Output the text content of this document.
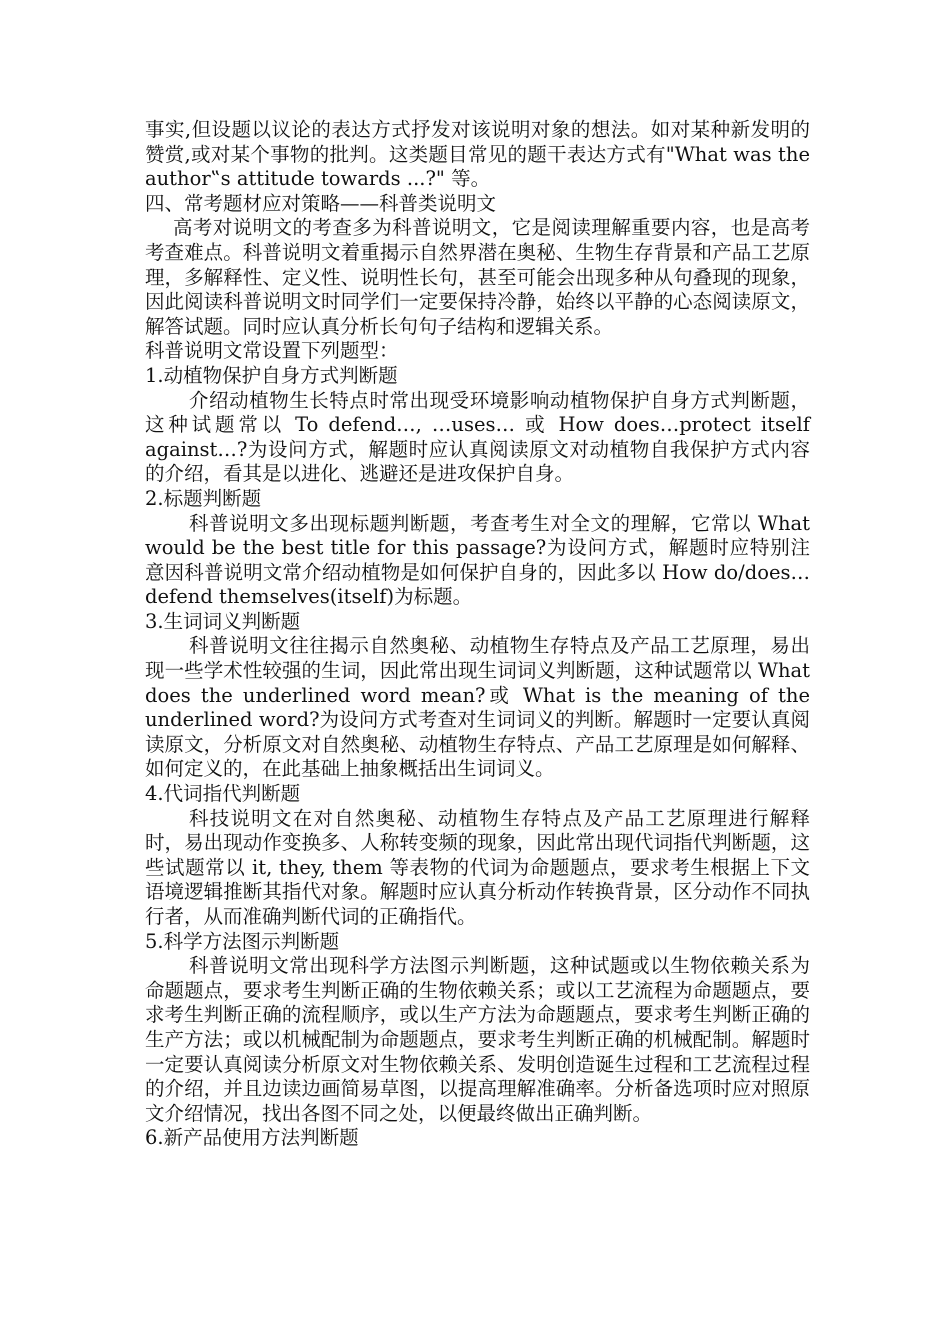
事实,但设题以议论的表达方式抒发对该说明对象的想法。如对某种新发明的赞赏,或对某个事物的批判。这类题目常见的题干表达方式有"What was the author‟s attitude towards ...?" 等。

四、常考题材应对策略——科普类说明文

高考对说明文的考查多为科普说明文，它是阅读理解重要内容，也是高考考查难点。科普说明文着重揭示自然界潜在奥秘、生物生存背景和产品工艺原理，多解释性、定义性、说明性长句，甚至可能会出现多种从句叠现的现象，因此阅读科普说明文时同学们一定要保持冷静，始终以平静的心态阅读原文，解答试题。同时应认真分析长句句子结构和逻辑关系。

科普说明文常设置下列题型：

1.动植物保护自身方式判断题

介绍动植物生长特点时常出现受环境影响动植物保护自身方式判断题，这种试题常以 To defend…, …uses… 或 How does…protect itself against…?为设问方式，解题时应认真阅读原文对动植物自我保护方式内容的介绍，看其是以进化、逃避还是进攻保护自身。

2.标题判断题

科普说明文多出现标题判断题，考查考生对全文的理解，它常以 What would be the best title for this passage?为设问方式，解题时应特别注意因科普说明文常介绍动植物是如何保护自身的，因此多以 How do/does…defend themselves(itself)为标题。

3.生词词义判断题

科普说明文往往揭示自然奥秘、动植物生存特点及产品工艺原理，易出现一些学术性较强的生词，因此常出现生词词义判断题，这种试题常以 What does the underlined word mean?或 What is the meaning of the underlined word?为设问方式考查对生词词义的判断。解题时一定要认真阅读原文，分析原文对自然奥秘、动植物生存特点、产品工艺原理是如何解释、如何定义的，在此基础上抽象概括出生词词义。

4.代词指代判断题

科技说明文在对自然奥秘、动植物生存特点及产品工艺原理进行解释时，易出现动作变换多、人称转变频的现象，因此常出现代词指代判断题，这些试题常以 it, they, them 等表物的代词为命题题点，要求考生根据上下文语境逻辑推断其指代对象。解题时应认真分析动作转换背景，区分动作不同执行者，从而准确判断代词的正确指代。

5.科学方法图示判断题

科普说明文常出现科学方法图示判断题，这种试题或以生物依赖关系为命题题点，要求考生判断正确的生物依赖关系；或以工艺流程为命题题点，要求考生判断正确的流程顺序，或以生产方法为命题题点，要求考生判断正确的生产方法；或以机械配制为命题题点，要求考生判断正确的机械配制。解题时一定要认真阅读分析原文对生物依赖关系、发明创造诞生过程和工艺流程过程的介绍，并且边读边画简易草图，以提高理解准确率。分析备选项时应对照原文介绍情况，找出各图不同之处，以便最终做出正确判断。

6.新产品使用方法判断题
